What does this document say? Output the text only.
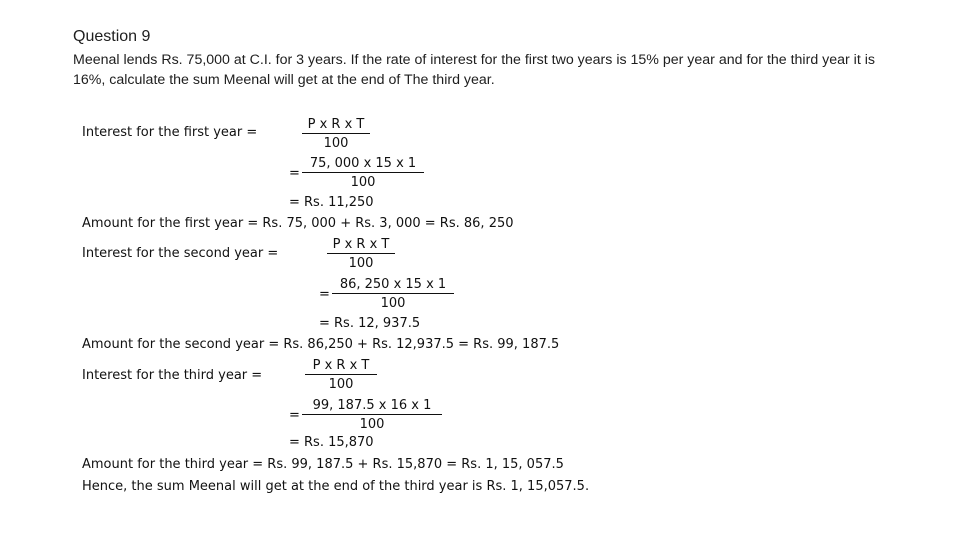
Question 9
Meenal lends Rs. 75,000 at C.I. for 3 years. If the rate of interest for the first two years is 15% per year and for the third year it is 16%, calculate the sum Meenal will get at the end of The third year.
Interest for the first year =	$\frac{\text{P x R x T}}{100}$
= $\frac{75, 000 x 15 x 1}{100}$
= Rs. 11,250
Amount for the first year = Rs. 75, 000 + Rs. 3, 000 = Rs. 86, 250
Interest for the second year =	$\frac{\text{P x R x T}}{100}$
= $\frac{86, 250 x 15 x 1}{100}$
= Rs. 12, 937.5
Amount for the second year = Rs. 86,250 + Rs. 12,937.5 = Rs. 99, 187.5
Interest for the third year =	$\frac{\text{P x R x T}}{100}$
= $\frac{99, 187.5 x 16 x 1}{100}$
= Rs. 15,870
Amount for the third year = Rs. 99, 187.5 + Rs. 15,870 = Rs. 1, 15, 057.5
Hence, the sum Meenal will get at the end of the third year is Rs. 1, 15,057.5.
